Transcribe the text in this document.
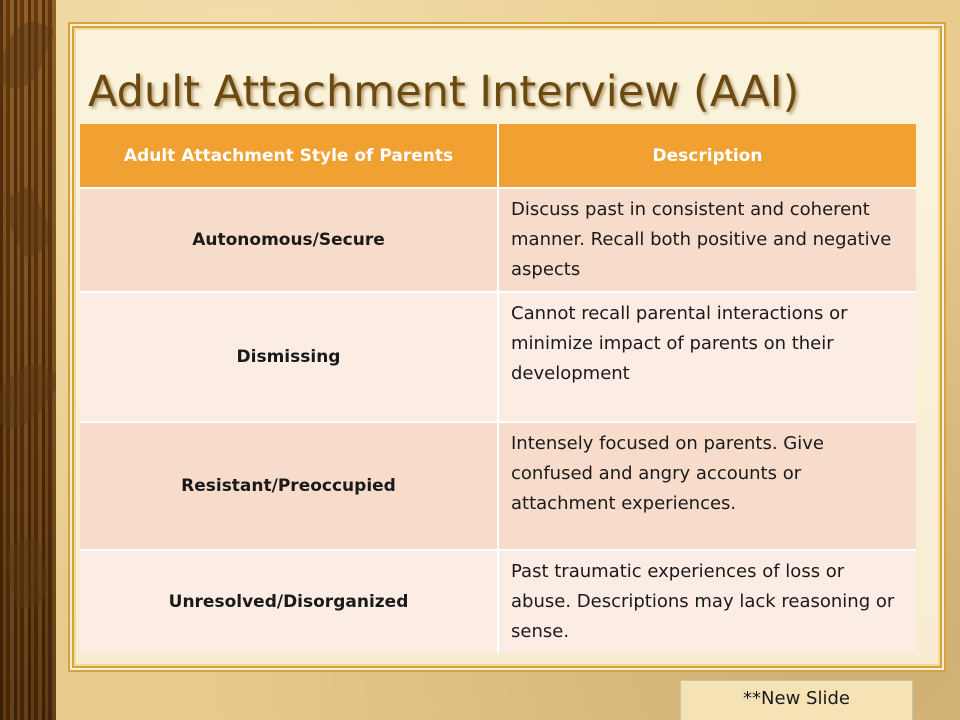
Adult Attachment Interview (AAI)
Adult Attachment Style of Parents	Description
Autonomous/Secure	Discuss past in consistent and coherent manner. Recall both positive and negative aspects
Dismissing	Cannot recall parental interactions or minimize impact of parents on their development
Resistant/Preoccupied	Intensely focused on parents. Give confused and angry accounts or attachment experiences.
Unresolved/Disorganized	Past traumatic experiences of loss or abuse. Descriptions may lack reasoning or sense.
**New Slide
